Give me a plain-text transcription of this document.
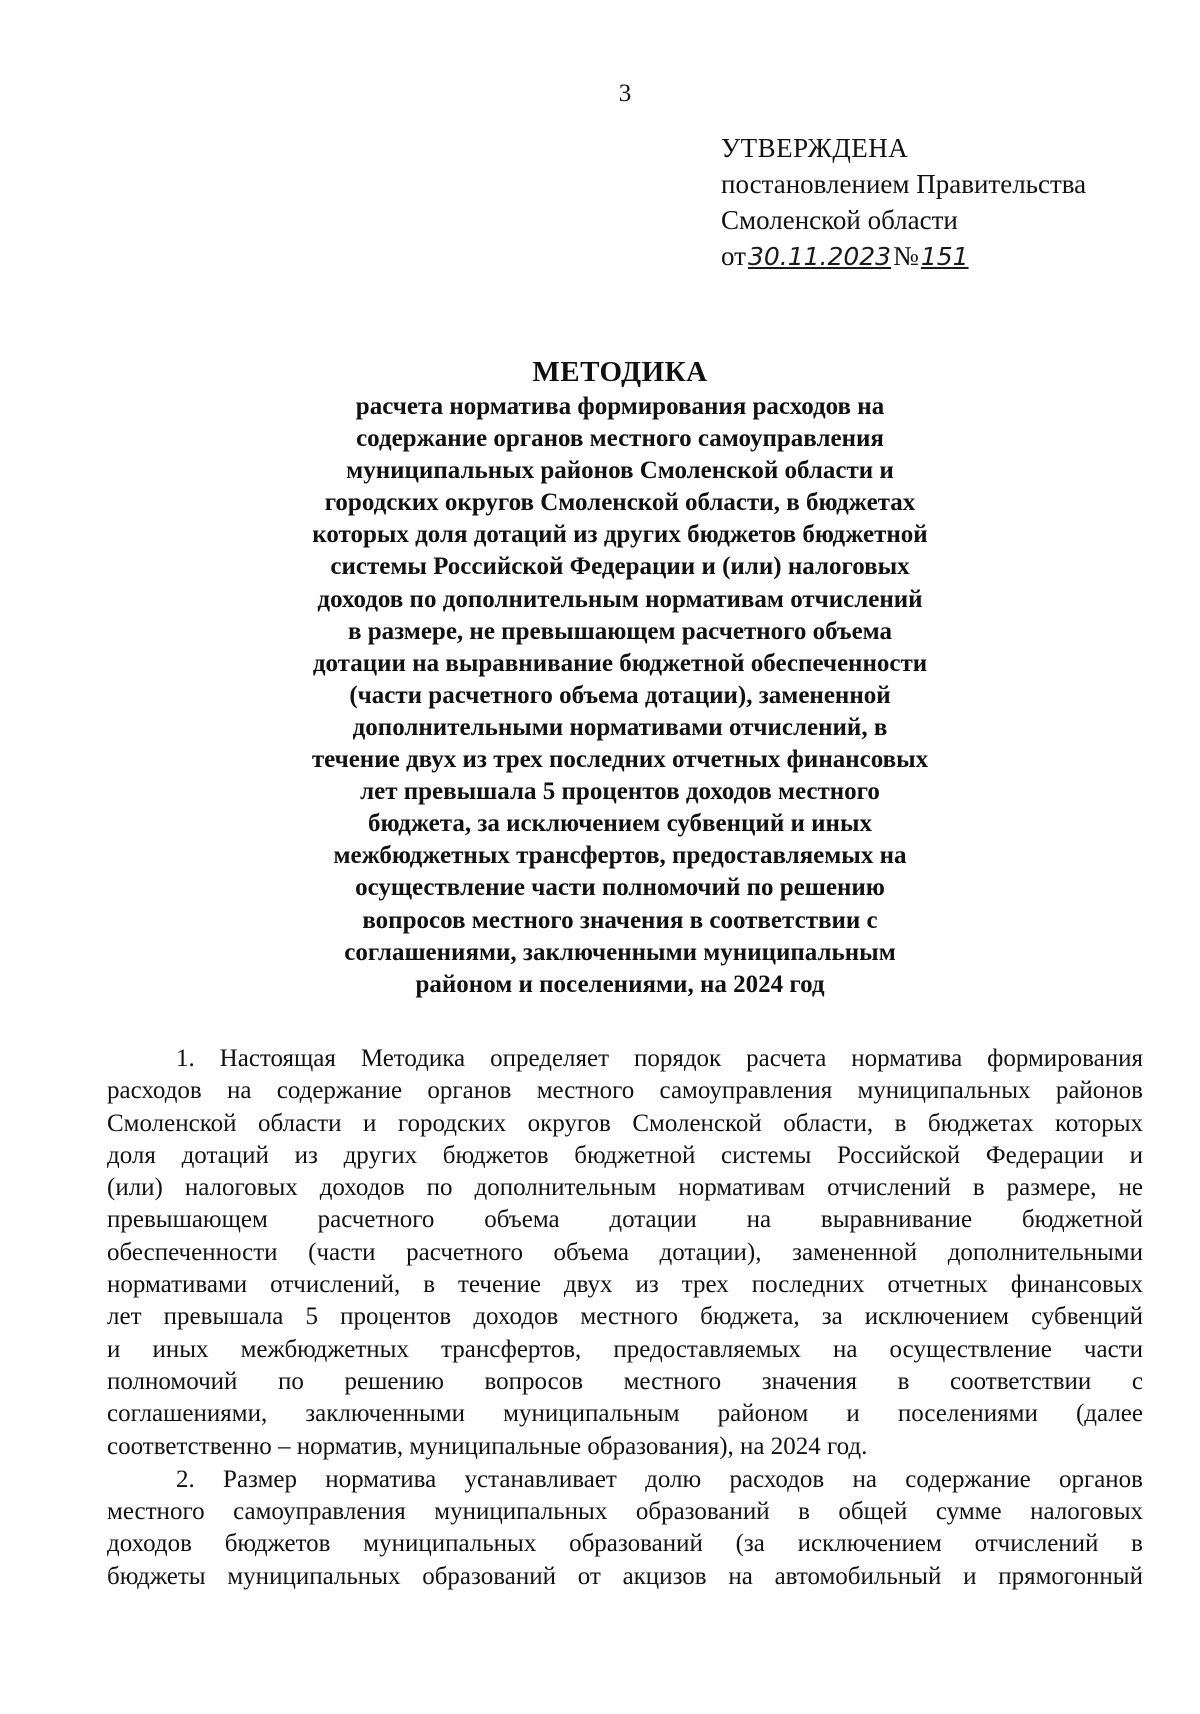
3
УТВЕРЖДЕНА
постановлением Правительства
Смоленской области
от30.11.2023№151
МЕТОДИКА
расчета норматива формирования расходов на
содержание органов местного самоуправления
муниципальных районов Смоленской области и
городских округов Смоленской области, в бюджетах
которых доля дотаций из других бюджетов бюджетной
системы Российской Федерации и (или) налоговых
доходов по дополнительным нормативам отчислений
в размере, не превышающем расчетного объема
дотации на выравнивание бюджетной обеспеченности
(части расчетного объема дотации), замененной
дополнительными нормативами отчислений, в
течение двух из трех последних отчетных финансовых
лет превышала 5 процентов доходов местного
бюджета, за исключением субвенций и иных
межбюджетных трансфертов, предоставляемых на
осуществление части полномочий по решению
вопросов местного значения в соответствии с
соглашениями, заключенными муниципальным
районом и поселениями, на 2024 год
1. Настоящая Методика определяет порядок расчета норматива формирования
расходов на содержание органов местного самоуправления муниципальных районов
Смоленской области и городских округов Смоленской области, в бюджетах которых
доля дотаций из других бюджетов бюджетной системы Российской Федерации и
(или) налоговых доходов по дополнительным нормативам отчислений в размере, не
превышающем расчетного объема дотации на выравнивание бюджетной
обеспеченности (части расчетного объема дотации), замененной дополнительными
нормативами отчислений, в течение двух из трех последних отчетных финансовых
лет превышала 5 процентов доходов местного бюджета, за исключением субвенций
и иных межбюджетных трансфертов, предоставляемых на осуществление части
полномочий по решению вопросов местного значения в соответствии с
соглашениями, заключенными муниципальным районом и поселениями (далее
соответственно – норматив, муниципальные образования), на 2024 год.
2. Размер норматива устанавливает долю расходов на содержание органов
местного самоуправления муниципальных образований в общей сумме налоговых
доходов бюджетов муниципальных образований (за исключением отчислений в
бюджеты муниципальных образований от акцизов на автомобильный и прямогонный
